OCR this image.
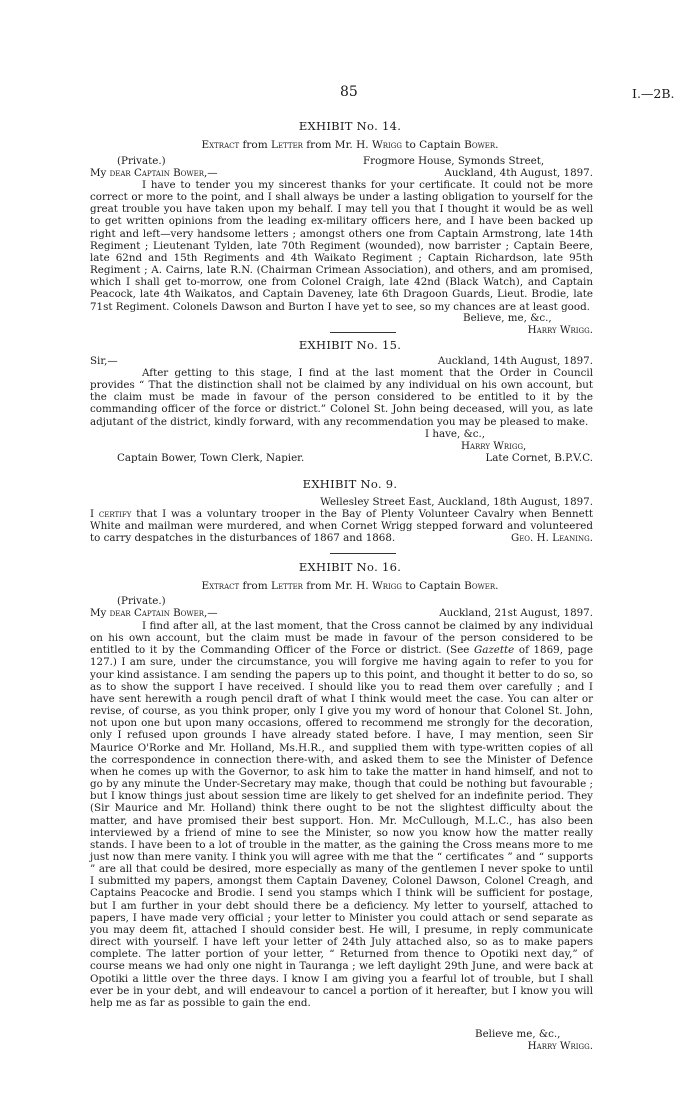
85	I.—2B.
EXHIBIT No. 14.
Extract from Letter from Mr. H. Wrigg to Captain Bower.
(Private.)	Frogmore House, Symonds Street,
My dear Captain Bower,—	Auckland, 4th August, 1897.
I have to tender you my sincerest thanks for your certificate. It could not be more correct or more to the point, and I shall always be under a lasting obligation to yourself for the great trouble you have taken upon my behalf. I may tell you that I thought it would be as well to get written opinions from the leading ex-military officers here, and I have been backed up right and left—very handsome letters ; amongst others one from Captain Armstrong, late 14th Regiment ; Lieutenant Tylden, late 70th Regiment (wounded), now barrister ; Captain Beere, late 62nd and 15th Regiments and 4th Waikato Regiment ; Captain Richardson, late 95th Regiment ; A. Cairns, late R.N. (Chairman Crimean Association), and others, and am promised, which I shall get to-morrow, one from Colonel Craigh, late 42nd (Black Watch), and Captain Peacock, late 4th Waikatos, and Captain Daveney, late 6th Dragoon Guards, Lieut. Brodie, late 71st Regiment. Colonels Dawson and Burton I have yet to see, so my chances are at least good.
Believe, me, &c.,
Harry Wrigg.
EXHIBIT No. 15.
Sir,—	Auckland, 14th August, 1897.
After getting to this stage, I find at the last moment that the Order in Council provides “ That the distinction shall not be claimed by any individual on his own account, but the claim must be made in favour of the person considered to be entitled to it by the commanding officer of the force or district.” Colonel St. John being deceased, will you, as late adjutant of the district, kindly forward, with any recommendation you may be pleased to make.
I have, &c.,
Harry Wrigg,
Captain Bower, Town Clerk, Napier.	Late Cornet, B.P.V.C.
EXHIBIT No. 9.
Wellesley Street East, Auckland, 18th August, 1897.
I certify that I was a voluntary trooper in the Bay of Plenty Volunteer Cavalry when Bennett White and mailman were murdered, and when Cornet Wrigg stepped forward and volunteered to carry despatches in the disturbances of 1867 and 1868.	Geo. H. Leaning.
EXHIBIT No. 16.
Extract from Letter from Mr. H. Wrigg to Captain Bower.
(Private.)
My dear Captain Bower,—	Auckland, 21st August, 1897.
I find after all, at the last moment, that the Cross cannot be claimed by any individual on his own account, but the claim must be made in favour of the person considered to be entitled to it by the Commanding Officer of the Force or district. (See Gazette of 1869, page 127.) I am sure, under the circumstance, you will forgive me having again to refer to you for your kind assistance. I am sending the papers up to this point, and thought it better to do so, so as to show the support I have received. I should like you to read them over carefully ; and I have sent herewith a rough pencil draft of what I think would meet the case. You can alter or revise, of course, as you think proper, only I give you my word of honour that Colonel St. John, not upon one but upon many occasions, offered to recommend me strongly for the decoration, only I refused upon grounds I have already stated before. I have, I may mention, seen Sir Maurice O'Rorke and Mr. Holland, Ms.H.R., and supplied them with type-written copies of all the correspondence in connection there-with, and asked them to see the Minister of Defence when he comes up with the Governor, to ask him to take the matter in hand himself, and not to go by any minute the Under-Secretary may make, though that could be nothing but favourable ; but I know things just about session time are likely to get shelved for an indefinite period. They (Sir Maurice and Mr. Holland) think there ought to be not the slightest difficulty about the matter, and have promised their best support. Hon. Mr. McCullough, M.L.C., has also been interviewed by a friend of mine to see the Minister, so now you know how the matter really stands. I have been to a lot of trouble in the matter, as the gaining the Cross means more to me just now than mere vanity. I think you will agree with me that the “ certificates ” and “ supports ” are all that could be desired, more especially as many of the gentlemen I never spoke to until I submitted my papers, amongst them Captain Daveney, Colonel Dawson, Colonel Creagh, and Captains Peacocke and Brodie. I send you stamps which I think will be sufficient for postage, but I am further in your debt should there be a deficiency. My letter to yourself, attached to papers, I have made very official ; your letter to Minister you could attach or send separate as you may deem fit, attached I should consider best. He will, I presume, in reply communicate direct with yourself. I have left your letter of 24th July attached also, so as to make papers complete. The latter portion of your letter, “ Returned from thence to Opotiki next day,” of course means we had only one night in Tauranga ; we left daylight 29th June, and were back at Opotiki a little over the three days. I know I am giving you a fearful lot of trouble, but I shall ever be in your debt, and will endeavour to cancel a portion of it hereafter, but I know you will help me as far as possible to gain the end.
Believe me, &c.,
Harry Wrigg.
